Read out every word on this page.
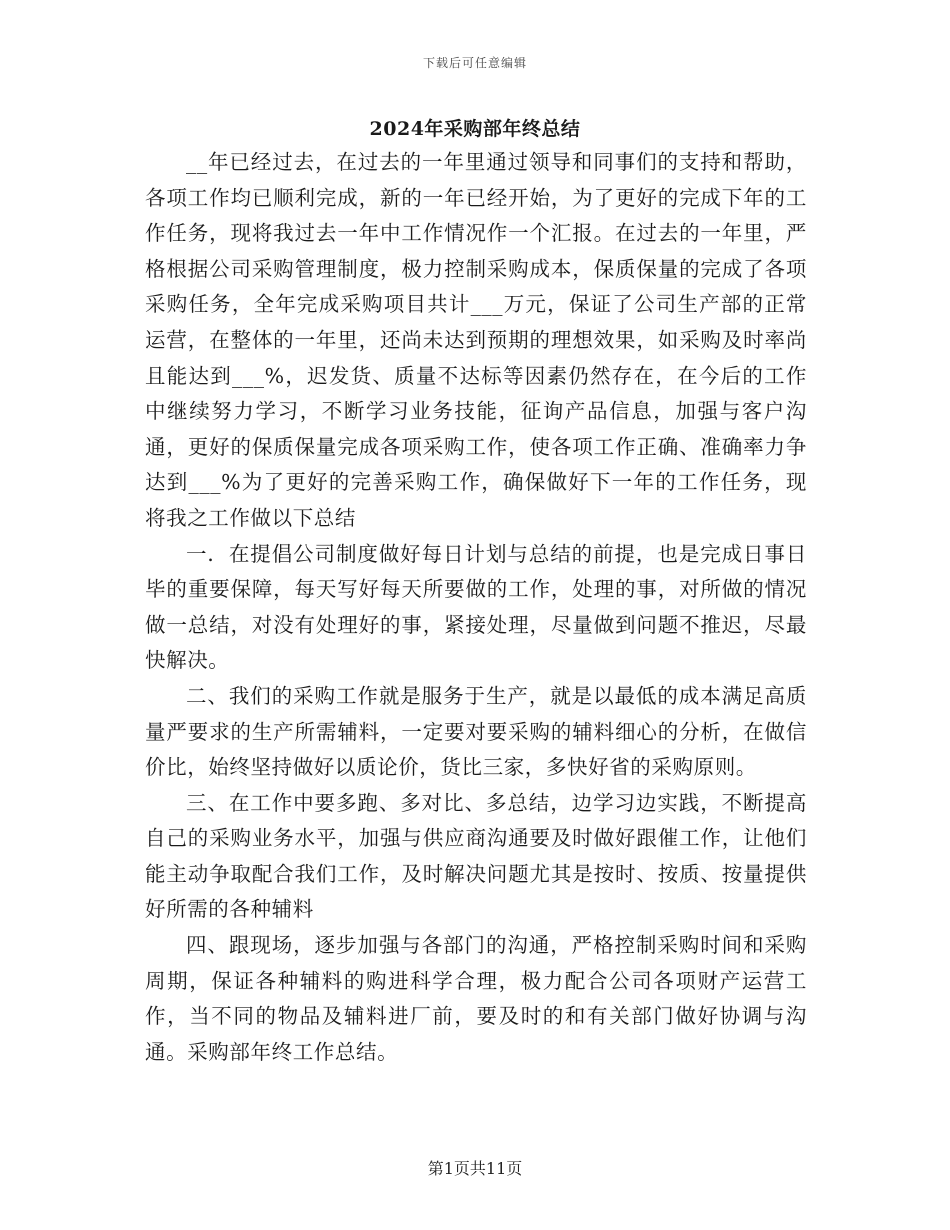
下载后可任意编辑
2024年采购部年终总结

__年已经过去，在过去的一年里通过领导和同事们的支持和帮助，各项工作均已顺利完成，新的一年已经开始，为了更好的完成下年的工作任务，现将我过去一年中工作情况作一个汇报。在过去的一年里，严格根据公司采购管理制度，极力控制采购成本，保质保量的完成了各项采购任务，全年完成采购项目共计___万元，保证了公司生产部的正常运营，在整体的一年里，还尚未达到预期的理想效果，如采购及时率尚且能达到___%，迟发货、质量不达标等因素仍然存在，在今后的工作中继续努力学习，不断学习业务技能，征询产品信息，加强与客户沟通，更好的保质保量完成各项采购工作，使各项工作正确、准确率力争达到___%为了更好的完善采购工作，确保做好下一年的工作任务，现将我之工作做以下总结

一．在提倡公司制度做好每日计划与总结的前提，也是完成日事日毕的重要保障，每天写好每天所要做的工作，处理的事，对所做的情况做一总结，对没有处理好的事，紧接处理，尽量做到问题不推迟，尽最快解决。

二、我们的采购工作就是服务于生产，就是以最低的成本满足高质量严要求的生产所需辅料，一定要对要采购的辅料细心的分析，在做信价比，始终坚持做好以质论价，货比三家，多快好省的采购原则。

三、在工作中要多跑、多对比、多总结，边学习边实践，不断提高自己的采购业务水平，加强与供应商沟通要及时做好跟催工作，让他们能主动争取配合我们工作，及时解决问题尤其是按时、按质、按量提供好所需的各种辅料

四、跟现场，逐步加强与各部门的沟通，严格控制采购时间和采购周期，保证各种辅料的购进科学合理，极力配合公司各项财产运营工作，当不同的物品及辅料进厂前，要及时的和有关部门做好协调与沟通。采购部年终工作总结。

第1页共11页
